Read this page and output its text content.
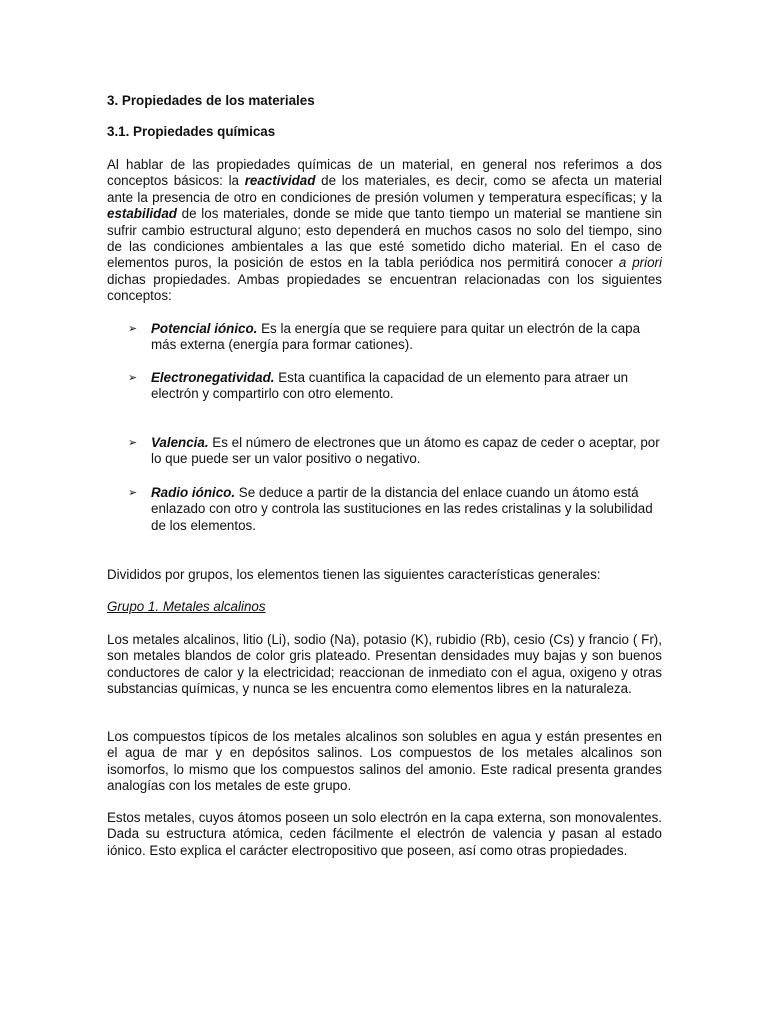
3. Propiedades de los materiales
3.1. Propiedades químicas

Al hablar de las propiedades químicas de un material, en general nos referimos a dos conceptos básicos: la reactividad de los materiales, es decir, como se afecta un material ante la presencia de otro en condiciones de presión volumen y temperatura específicas; y la estabilidad de los materiales, donde se mide que tanto tiempo un material se mantiene sin sufrir cambio estructural alguno; esto dependerá en muchos casos no solo del tiempo, sino de las condiciones ambientales a las que esté sometido dicho material. En el caso de elementos puros, la posición de estos en la tabla periódica nos permitirá conocer a priori dichas propiedades. Ambas propiedades se encuentran relacionadas con los siguientes conceptos:

➢ Potencial iónico. Es la energía que se requiere para quitar un electrón de la capa más externa (energía para formar cationes).
➢ Electronegatividad. Esta cuantifica la capacidad de un elemento para atraer un electrón y compartirlo con otro elemento.
➢ Valencia. Es el número de electrones que un átomo es capaz de ceder o aceptar, por lo que puede ser un valor positivo o negativo.
➢ Radio iónico. Se deduce a partir de la distancia del enlace cuando un átomo está enlazado con otro y controla las sustituciones en las redes cristalinas y la solubilidad de los elementos.

Divididos por grupos, los elementos tienen las siguientes características generales:

Grupo 1. Metales alcalinos

Los metales alcalinos, litio (Li), sodio (Na), potasio (K), rubidio (Rb), cesio (Cs) y francio ( Fr), son metales blandos de color gris plateado. Presentan densidades muy bajas y son buenos conductores de calor y la electricidad; reaccionan de inmediato con el agua, oxigeno y otras substancias químicas, y nunca se les encuentra como elementos libres en la naturaleza.

Los compuestos típicos de los metales alcalinos son solubles en agua y están presentes en el agua de mar y en depósitos salinos. Los compuestos de los metales alcalinos son isomorfos, lo mismo que los compuestos salinos del amonio. Este radical presenta grandes analogías con los metales de este grupo.

Estos metales, cuyos átomos poseen un solo electrón en la capa externa, son monovalentes. Dada su estructura atómica, ceden fácilmente el electrón de valencia y pasan al estado iónico. Esto explica el carácter electropositivo que poseen, así como otras propiedades.
